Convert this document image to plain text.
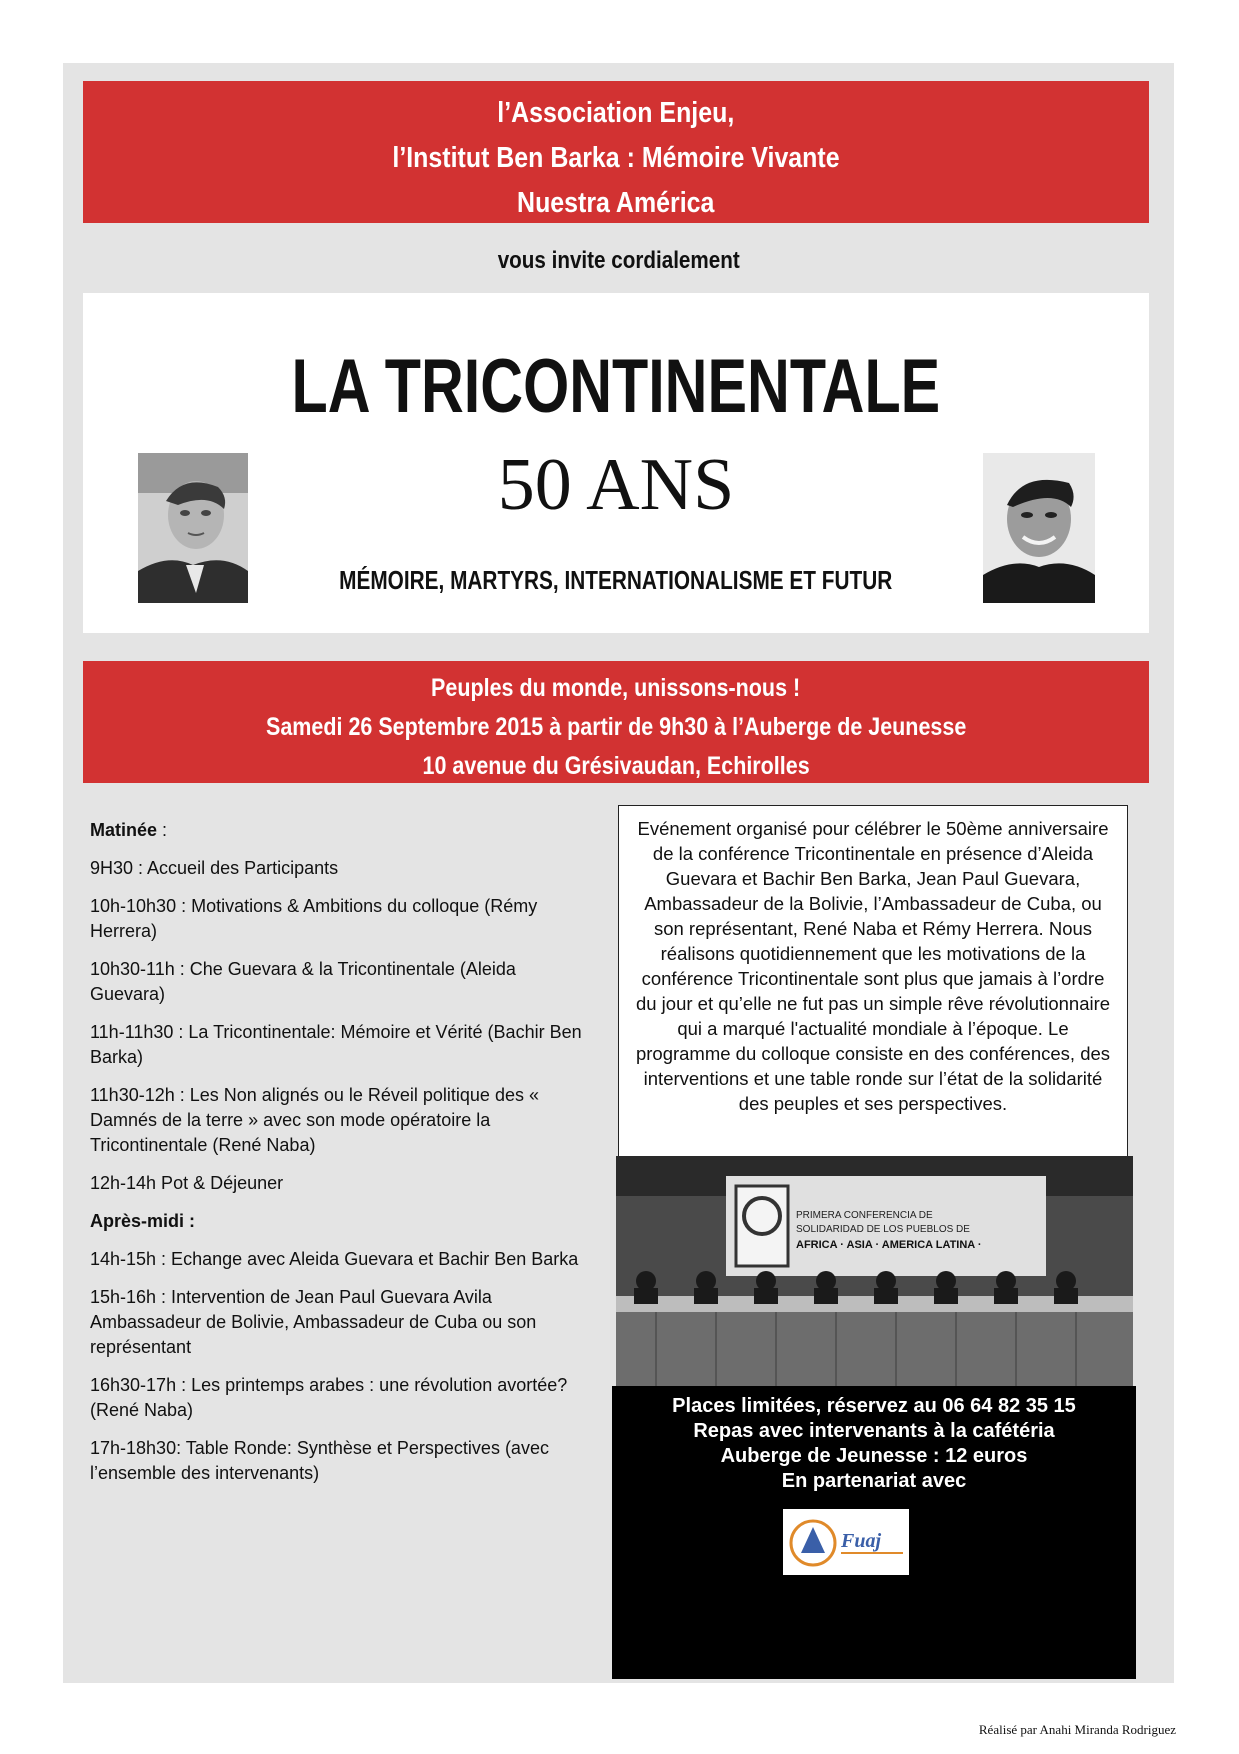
l’Association Enjeu,
l’Institut Ben Barka : Mémoire Vivante
Nuestra América
vous invite cordialement
LA TRICONTINENTALE
50 ANS
MÉMOIRE, MARTYRS, INTERNATIONALISME ET FUTUR
Peuples du monde, unissons-nous !
Samedi 26 Septembre 2015 à partir de 9h30 à l’Auberge de Jeunesse
10 avenue du Grésivaudan, Echirolles

Matinée :

9H30 : Accueil des Participants

10h-10h30 : Motivations & Ambitions du colloque (Rémy Herrera)

10h30-11h : Che Guevara & la Tricontinentale (Aleida Guevara)

11h-11h30 : La Tricontinentale: Mémoire et Vérité (Bachir Ben Barka)

11h30-12h : Les Non alignés ou le Réveil politique des « Damnés de la terre » avec son mode opératoire la Tricontinentale (René Naba)

12h-14h Pot & Déjeuner

Après-midi :

14h-15h : Echange avec Aleida Guevara et Bachir Ben Barka

15h-16h : Intervention de Jean Paul Guevara Avila Ambassadeur de Bolivie, Ambassadeur de Cuba ou son représentant

16h30-17h : Les printemps arabes : une révolution avortée? (René Naba)

17h-18h30: Table Ronde: Synthèse et Perspectives (avec l’ensemble des intervenants)

Evénement organisé pour célébrer le 50ème anniversaire de la conférence Tricontinentale en présence d’Aleida Guevara et Bachir Ben Barka, Jean Paul Guevara, Ambassadeur de la Bolivie, l’Ambassadeur de Cuba, ou son représentant, René Naba et Rémy Herrera. Nous réalisons quotidiennement que les motivations de la conférence Tricontinentale sont plus que jamais à l’ordre du jour et qu’elle ne fut pas un simple rêve révolutionnaire qui a marqué l'actualité mondiale à l’époque. Le programme du colloque consiste en des conférences, des interventions et une table ronde sur l’état de la solidarité des peuples et ses perspectives.
PRIMERA CONFERENCIA DE
SOLIDARIDAD DE LOS PUEBLOS DE
AFRICA · ASIA · AMERICA LATINA ·
Places limitées, réservez au 06 64 82 35 15
Repas avec intervenants à la cafétéria
Auberge de Jeunesse : 12 euros
En partenariat avec
Fuaj
Réalisé par Anahi Miranda Rodriguez
